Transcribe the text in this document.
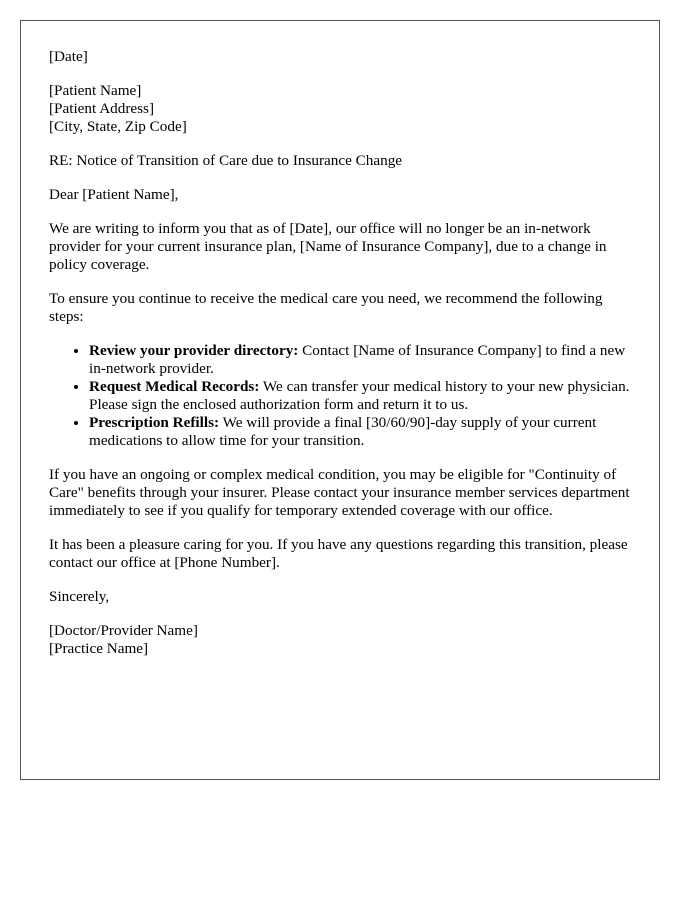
[Date]

[Patient Name]
[Patient Address]
[City, State, Zip Code]

RE: Notice of Transition of Care due to Insurance Change

Dear [Patient Name],

We are writing to inform you that as of [Date], our office will no longer be an in-network provider for your current insurance plan, [Name of Insurance Company], due to a change in policy coverage.

To ensure you continue to receive the medical care you need, we recommend the following steps:

• Review your provider directory: Contact [Name of Insurance Company] to find a new in-network provider.
• Request Medical Records: We can transfer your medical history to your new physician. Please sign the enclosed authorization form and return it to us.
• Prescription Refills: We will provide a final [30/60/90]-day supply of your current medications to allow time for your transition.

If you have an ongoing or complex medical condition, you may be eligible for "Continuity of Care" benefits through your insurer. Please contact your insurance member services department immediately to see if you qualify for temporary extended coverage with our office.

It has been a pleasure caring for you. If you have any questions regarding this transition, please contact our office at [Phone Number].

Sincerely,

[Doctor/Provider Name]
[Practice Name]
